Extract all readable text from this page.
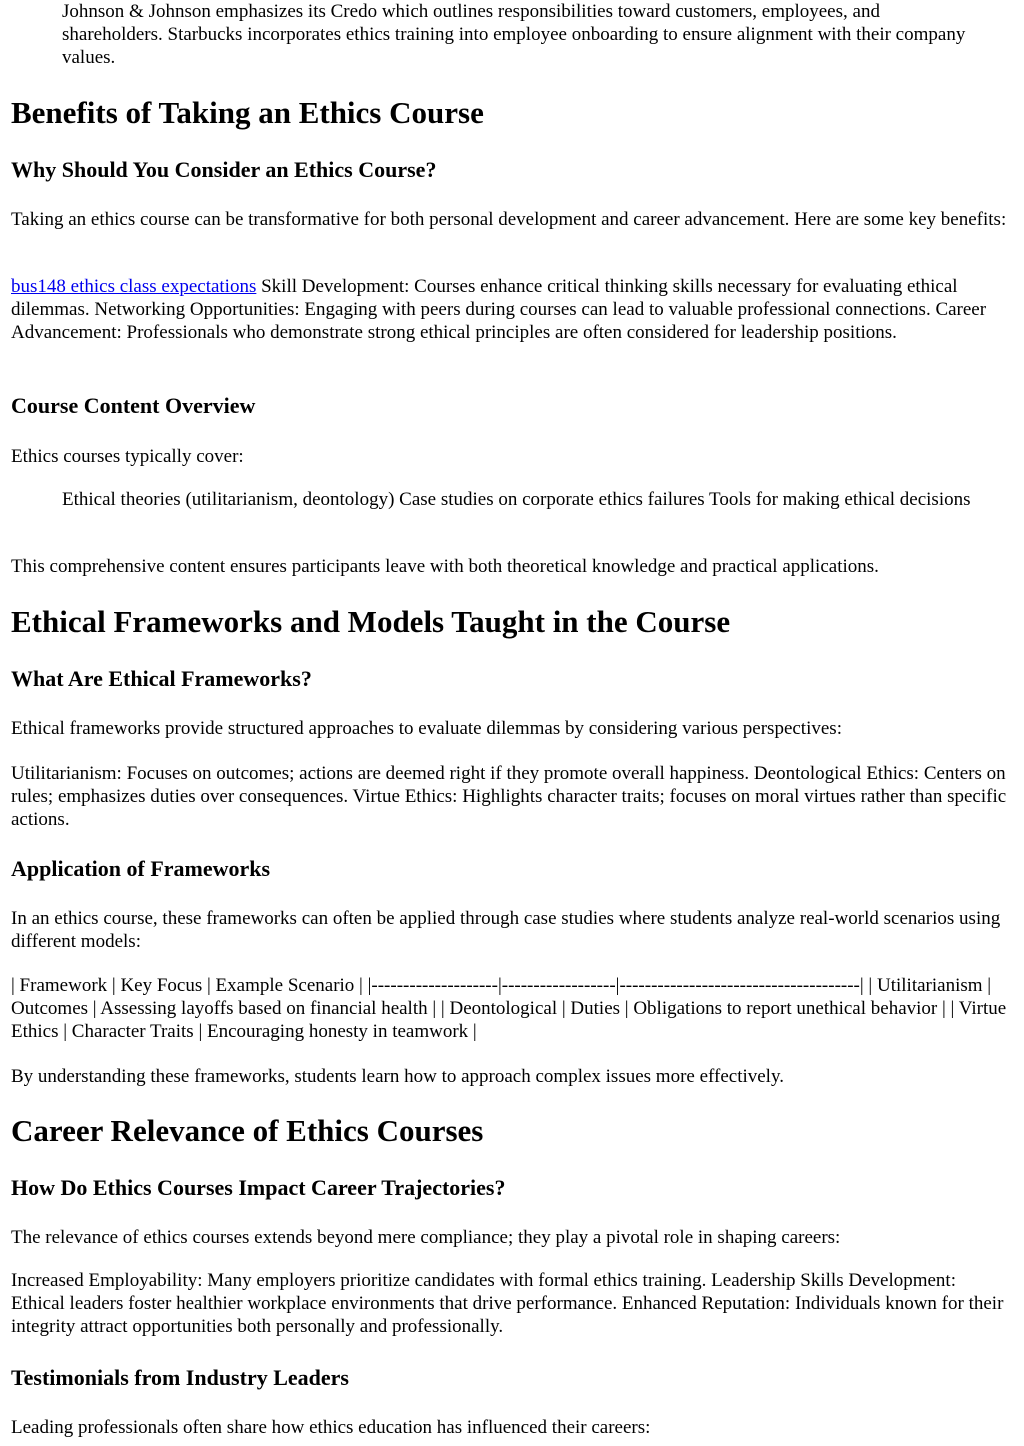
Johnson & Johnson emphasizes its Credo which outlines responsibilities toward customers, employees, and shareholders. Starbucks incorporates ethics training into employee onboarding to ensure alignment with their company values.

Benefits of Taking an Ethics Course
Why Should You Consider an Ethics Course?

Taking an ethics course can be transformative for both personal development and career advancement. Here are some key benefits:

bus148 ethics class expectations Skill Development: Courses enhance critical thinking skills necessary for evaluating ethical dilemmas. Networking Opportunities: Engaging with peers during courses can lead to valuable professional connections. Career Advancement: Professionals who demonstrate strong ethical principles are often considered for leadership positions.

Course Content Overview

Ethics courses typically cover:

Ethical theories (utilitarianism, deontology) Case studies on corporate ethics failures Tools for making ethical decisions

This comprehensive content ensures participants leave with both theoretical knowledge and practical applications.

Ethical Frameworks and Models Taught in the Course
What Are Ethical Frameworks?

Ethical frameworks provide structured approaches to evaluate dilemmas by considering various perspectives:

Utilitarianism: Focuses on outcomes; actions are deemed right if they promote overall happiness. Deontological Ethics: Centers on rules; emphasizes duties over consequences. Virtue Ethics: Highlights character traits; focuses on moral virtues rather than specific actions.

Application of Frameworks

In an ethics course, these frameworks can often be applied through case studies where students analyze real-world scenarios using different models:

| Framework | Key Focus | Example Scenario | |--------------------|------------------|--------------------------------------| | Utilitarianism | Outcomes | Assessing layoffs based on financial health | | Deontological | Duties | Obligations to report unethical behavior | | Virtue Ethics | Character Traits | Encouraging honesty in teamwork |

By understanding these frameworks, students learn how to approach complex issues more effectively.

Career Relevance of Ethics Courses
How Do Ethics Courses Impact Career Trajectories?

The relevance of ethics courses extends beyond mere compliance; they play a pivotal role in shaping careers:

Increased Employability: Many employers prioritize candidates with formal ethics training. Leadership Skills Development: Ethical leaders foster healthier workplace environments that drive performance. Enhanced Reputation: Individuals known for their integrity attract opportunities both personally and professionally.

Testimonials from Industry Leaders

Leading professionals often share how ethics education has influenced their careers:
